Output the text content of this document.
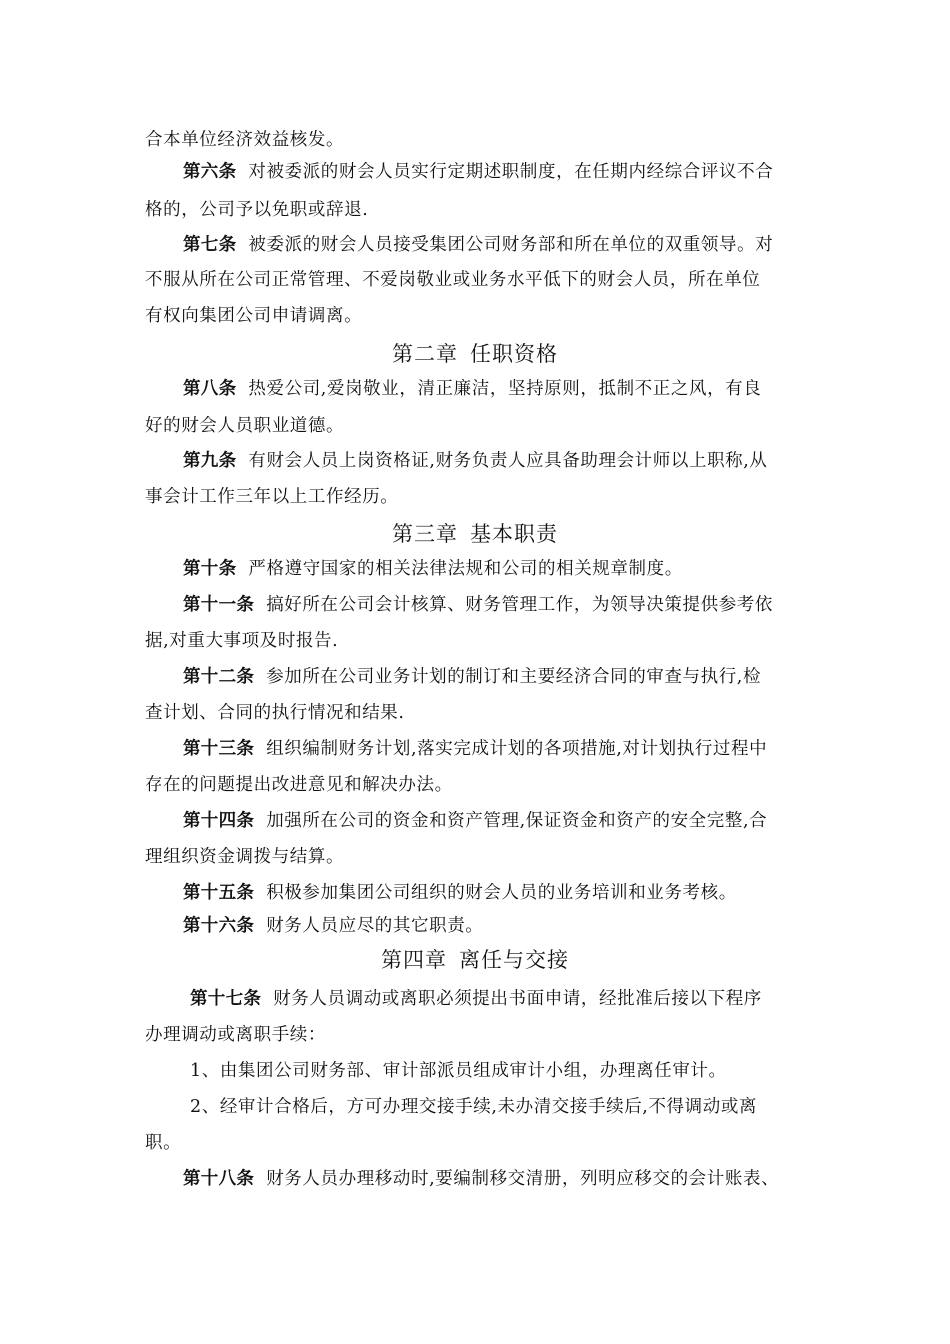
合本单位经济效益核发。
第六条 对被委派的财会人员实行定期述职制度，在任期内经综合评议不合
格的，公司予以免职或辞退.
第七条 被委派的财会人员接受集团公司财务部和所在单位的双重领导。对
不服从所在公司正常管理、不爱岗敬业或业务水平低下的财会人员，所在单位
有权向集团公司申请调离。
第二章 任职资格
第八条 热爱公司,爱岗敬业，清正廉洁，坚持原则，抵制不正之风，有良
好的财会人员职业道德。
第九条 有财会人员上岗资格证,财务负责人应具备助理会计师以上职称,从
事会计工作三年以上工作经历。
第三章 基本职责
第十条 严格遵守国家的相关法律法规和公司的相关规章制度。
第十一条 搞好所在公司会计核算、财务管理工作，为领导决策提供参考依
据,对重大事项及时报告.
第十二条 参加所在公司业务计划的制订和主要经济合同的审查与执行,检
查计划、合同的执行情况和结果.
第十三条 组织编制财务计划,落实完成计划的各项措施,对计划执行过程中
存在的问题提出改进意见和解决办法。
第十四条 加强所在公司的资金和资产管理,保证资金和资产的安全完整,合
理组织资金调拨与结算。
第十五条 积极参加集团公司组织的财会人员的业务培训和业务考核。
第十六条 财务人员应尽的其它职责。
第四章 离任与交接
第十七条 财务人员调动或离职必须提出书面申请，经批准后接以下程序
办理调动或离职手续：
1、由集团公司财务部、审计部派员组成审计小组，办理离任审计。
2、经审计合格后，方可办理交接手续,未办清交接手续后,不得调动或离
职。
第十八条 财务人员办理移动时,要编制移交清册，列明应移交的会计账表、
